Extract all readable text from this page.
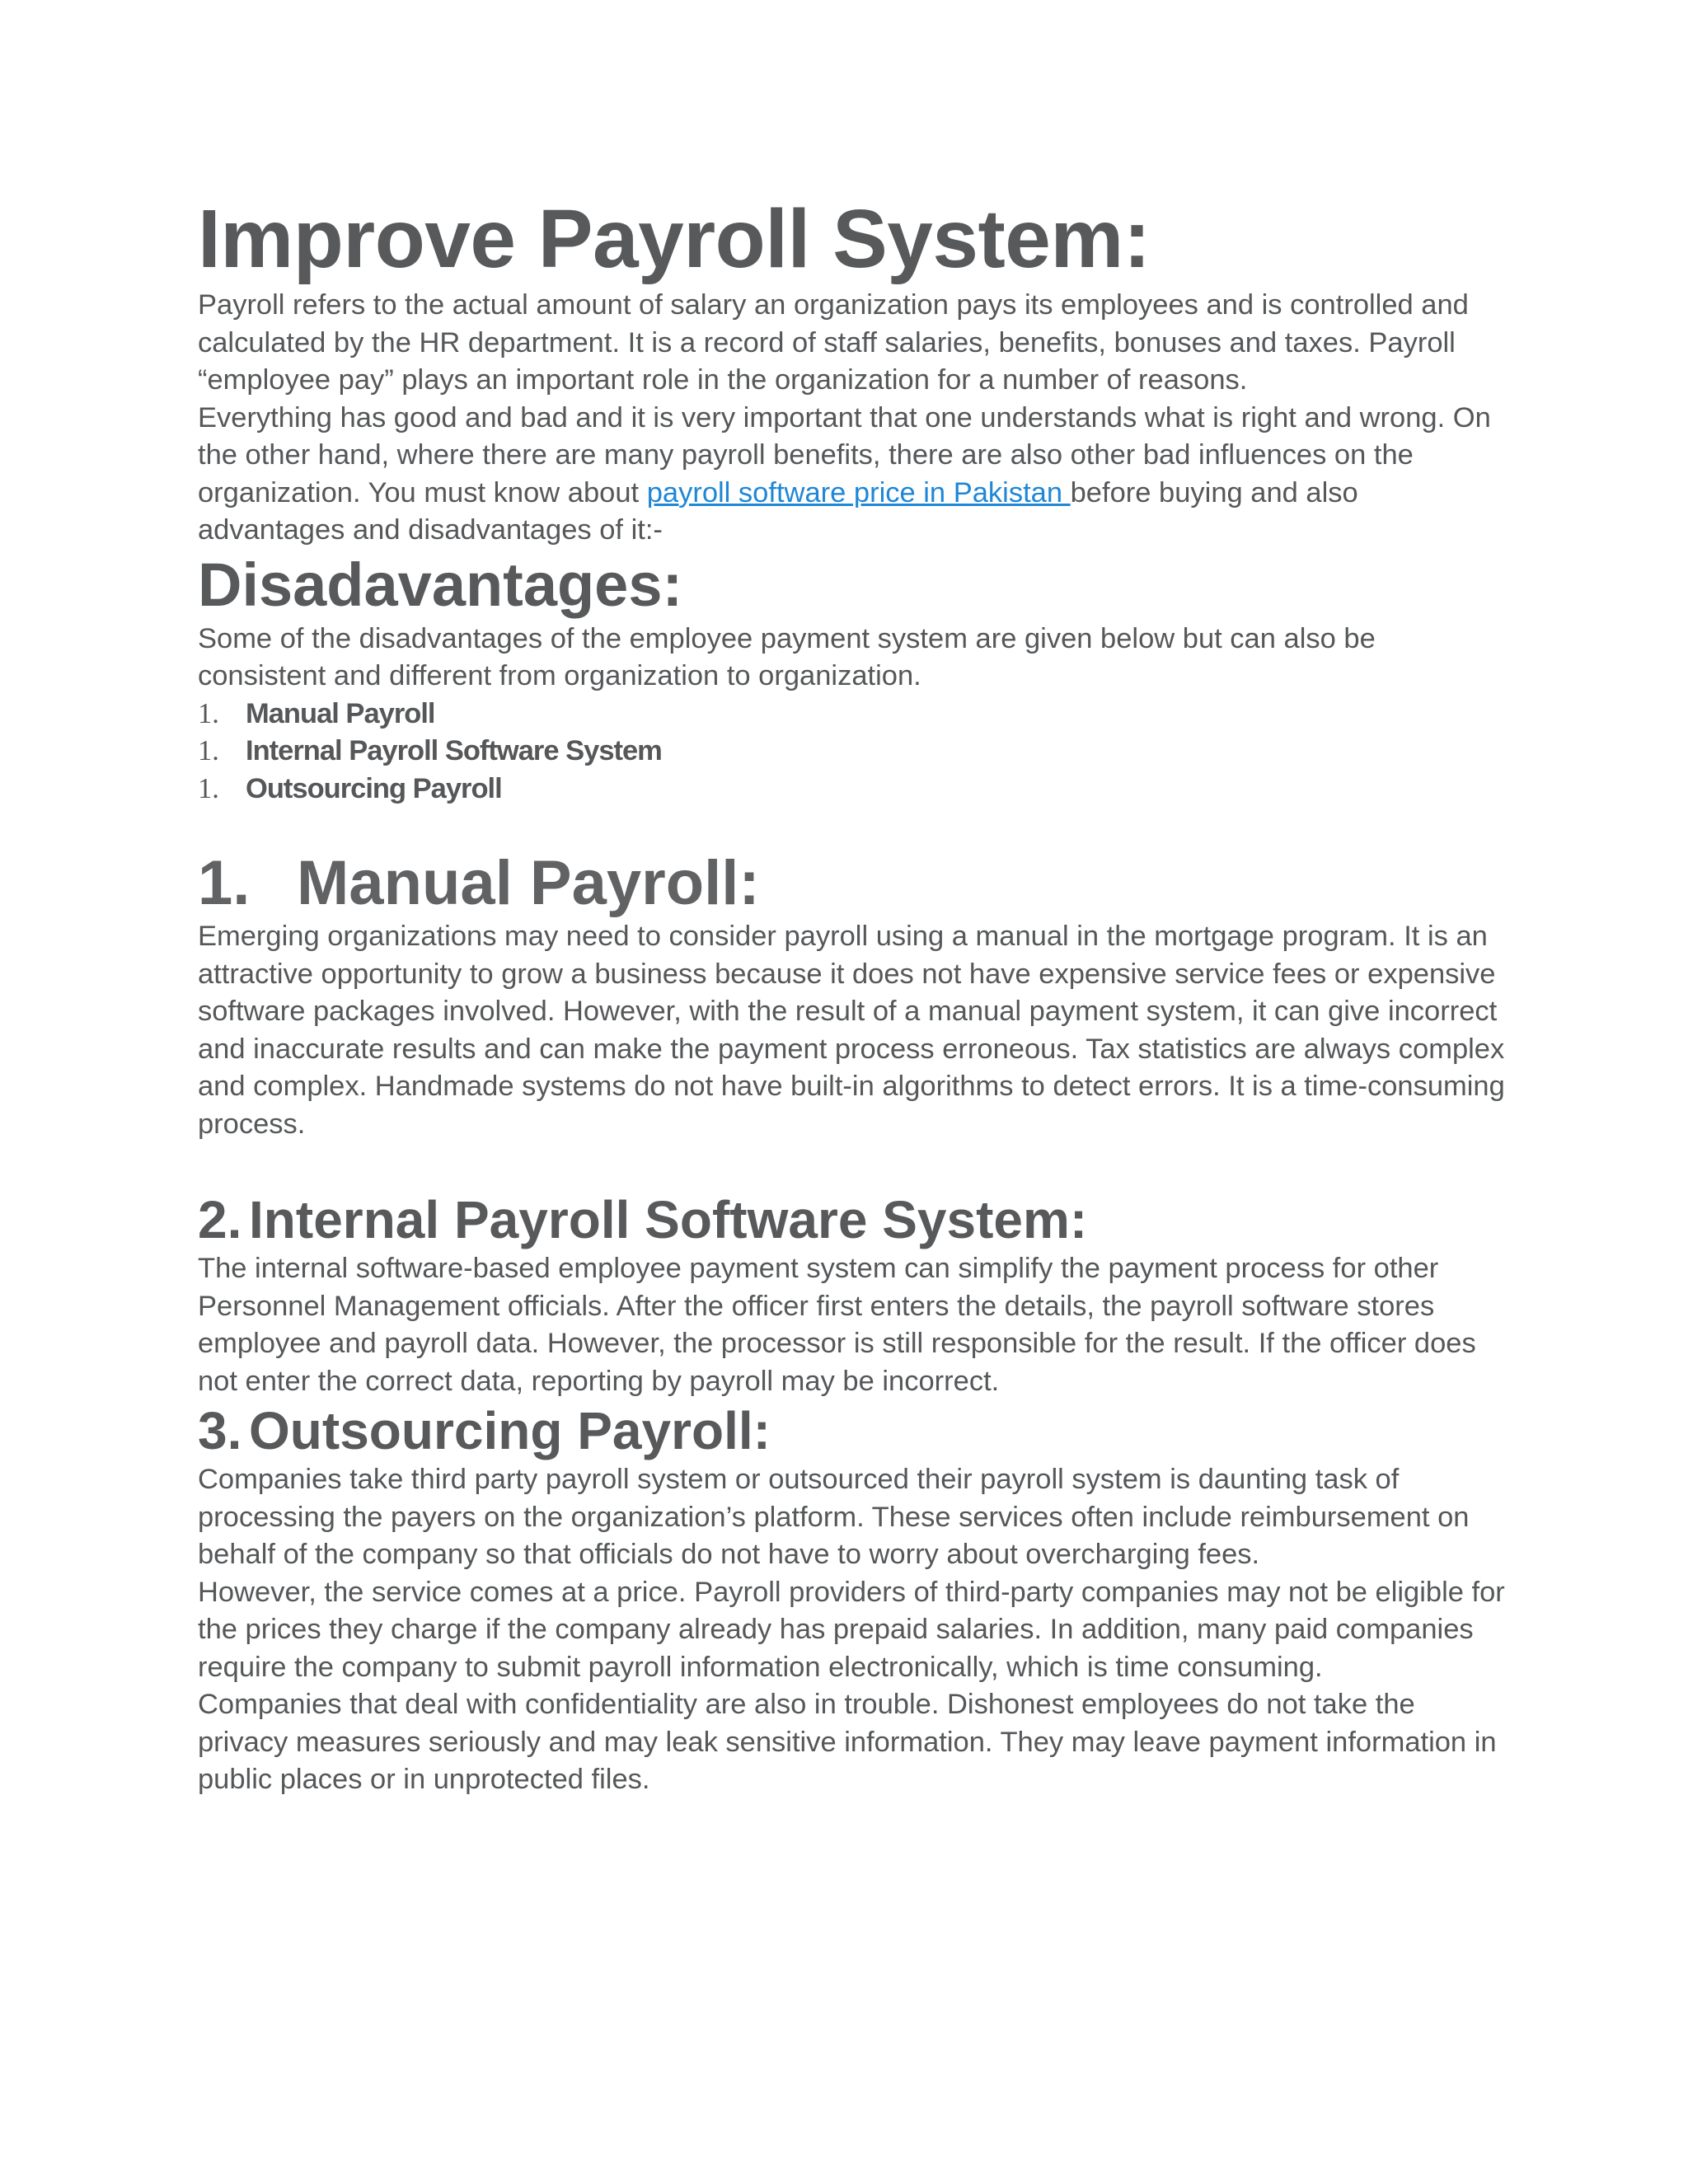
Improve Payroll System:

Payroll refers to the actual amount of salary an organization pays its employees and is controlled and calculated by the HR department. It is a record of staff salaries, benefits, bonuses and taxes. Payroll “employee pay” plays an important role in the organization for a number of reasons.

Everything has good and bad and it is very important that one understands what is right and wrong. On the other hand, where there are many payroll benefits, there are also other bad influences on the organization. You must know about payroll software price in Pakistan before buying and also advantages and disadvantages of it:-

Disadavantages:

Some of the disadvantages of the employee payment system are given below but can also be consistent and different from organization to organization.

1. Manual Payroll
1. Internal Payroll Software System
1. Outsourcing Payroll
1. Manual Payroll:

Emerging organizations may need to consider payroll using a manual in the mortgage program. It is an attractive opportunity to grow a business because it does not have expensive service fees or expensive software packages involved. However, with the result of a manual payment system, it can give incorrect and inaccurate results and can make the payment process erroneous. Tax statistics are always complex and complex. Handmade systems do not have built-in algorithms to detect errors. It is a time-consuming process.

2. Internal Payroll Software System:

The internal software-based employee payment system can simplify the payment process for other Personnel Management officials. After the officer first enters the details, the payroll software stores employee and payroll data. However, the processor is still responsible for the result. If the officer does not enter the correct data, reporting by payroll may be incorrect.

3. Outsourcing Payroll:

Companies take third party payroll system or outsourced their payroll system is daunting task of processing the payers on the organization’s platform. These services often include reimbursement on behalf of the company so that officials do not have to worry about overcharging fees.

However, the service comes at a price. Payroll providers of third-party companies may not be eligible for the prices they charge if the company already has prepaid salaries. In addition, many paid companies require the company to submit payroll information electronically, which is time consuming.

Companies that deal with confidentiality are also in trouble. Dishonest employees do not take the privacy measures seriously and may leak sensitive information. They may leave payment information in public places or in unprotected files.
